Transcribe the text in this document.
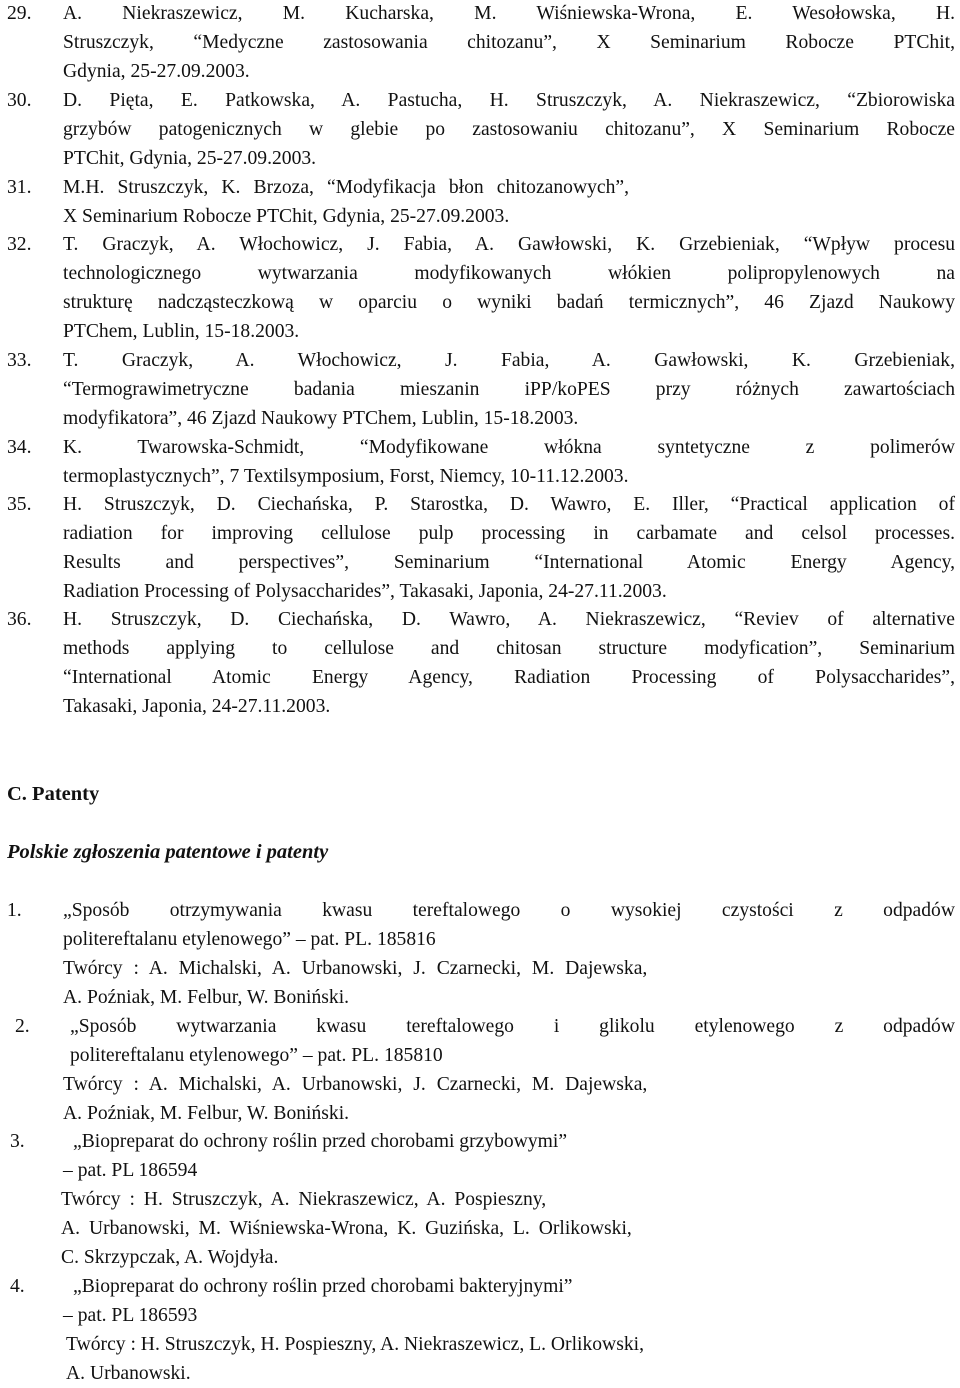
29. A. Niekraszewicz, M. Kucharska, M. Wiśniewska-Wrona, E. Wesołowska, H.
Struszczyk, “Medyczne zastosowania chitozanu”, X Seminarium Robocze PTChit,
Gdynia, 25-27.09.2003.
30. D. Pięta, E. Patkowska, A. Pastucha, H. Struszczyk, A. Niekraszewicz, “Zbiorowiska
grzybów patogenicznych w glebie po zastosowaniu chitozanu”, X Seminarium Robocze
PTChit, Gdynia, 25-27.09.2003.
31. M.H. Struszczyk, K. Brzoza, “Modyfikacja błon chitozanowych”,
X Seminarium Robocze PTChit, Gdynia, 25-27.09.2003.
32. T. Graczyk, A. Włochowicz, J. Fabia, A. Gawłowski, K. Grzebieniak, “Wpływ procesu
technologicznego wytwarzania modyfikowanych włókien polipropylenowych na
strukturę nadcząsteczkową w oparciu o wyniki badań termicznych”, 46 Zjazd Naukowy
PTChem, Lublin, 15-18.2003.
33. T. Graczyk, A. Włochowicz, J. Fabia, A. Gawłowski, K. Grzebieniak,
“Termograwimetryczne badania mieszanin iPP/koPES przy różnych zawartościach
modyfikatora”, 46 Zjazd Naukowy PTChem, Lublin, 15-18.2003.
34. K. Twarowska-Schmidt, “Modyfikowane włókna syntetyczne z polimerów
termoplastycznych”, 7 Textilsymposium, Forst, Niemcy, 10-11.12.2003.
35. H. Struszczyk, D. Ciechańska, P. Starostka, D. Wawro, E. Iller, “Practical application of
radiation for improving cellulose pulp processing in carbamate and celsol processes.
Results and perspectives”, Seminarium “International Atomic Energy Agency,
Radiation Processing of Polysaccharides”, Takasaki, Japonia, 24-27.11.2003.
36. H. Struszczyk, D. Ciechańska, D. Wawro, A. Niekraszewicz, “Reviev of alternative
methods applying to cellulose and chitosan structure modyfication”, Seminarium
“International Atomic Energy Agency, Radiation Processing of Polysaccharides”,
Takasaki, Japonia, 24-27.11.2003.
C. Patenty
Polskie zgłoszenia patentowe i patenty
1. „Sposób otrzymywania kwasu tereftalowego o wysokiej czystości z odpadów
politereftalanu etylenowego” – pat. PL. 185816
Twórcy : A. Michalski, A. Urbanowski, J. Czarnecki, M. Dajewska,
A. Poźniak, M. Felbur, W. Boniński.
2. „Sposób wytwarzania kwasu tereftalowego i glikolu etylenowego z odpadów
politereftalanu etylenowego” – pat. PL. 185810
Twórcy : A. Michalski, A. Urbanowski, J. Czarnecki, M. Dajewska,
A. Poźniak, M. Felbur, W. Boniński.
3. „Biopreparat do ochrony roślin przed chorobami grzybowymi”
– pat. PL 186594
Twórcy : H. Struszczyk, A. Niekraszewicz, A. Pospieszny,
A. Urbanowski, M. Wiśniewska-Wrona, K. Guzińska, L. Orlikowski,
C. Skrzypczak, A. Wojdyła.
4. „Biopreparat do ochrony roślin przed chorobami bakteryjnymi”
– pat. PL 186593
Twórcy : H. Struszczyk, H. Pospieszny, A. Niekraszewicz, L. Orlikowski,
A. Urbanowski.
